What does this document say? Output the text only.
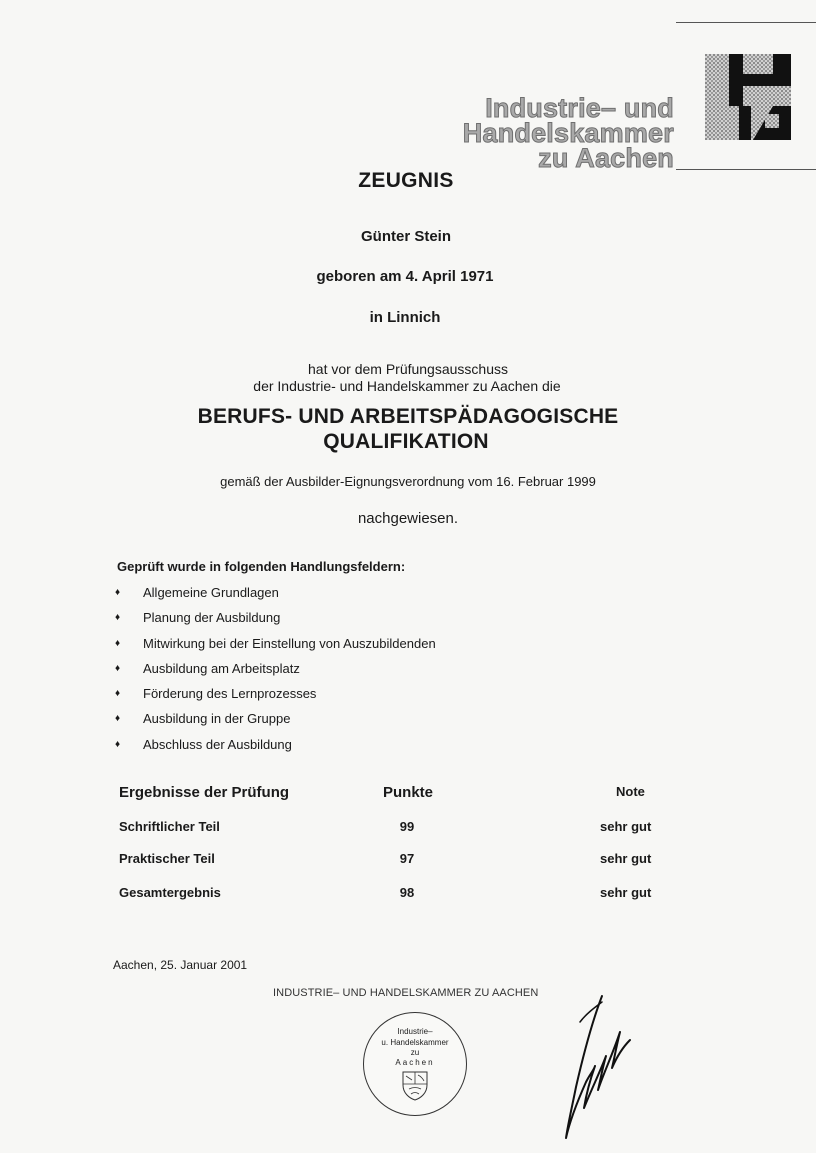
Industrie– und
Handelskammer
zu Aachen
ZEUGNIS
Günter Stein
geboren am 4. April 1971
in Linnich
hat vor dem Prüfungsausschuss
der Industrie- und Handelskammer zu Aachen die
BERUFS- UND ARBEITSPÄDAGOGISCHE
QUALIFIKATION
gemäß der Ausbilder-Eignungsverordnung vom 16. Februar 1999
nachgewiesen.
Geprüft wurde in folgenden Handlungsfeldern:
♦ Allgemeine Grundlagen
♦ Planung der Ausbildung
♦ Mitwirkung bei der Einstellung von Auszubildenden
♦ Ausbildung am Arbeitsplatz
♦ Förderung des Lernprozesses
♦ Ausbildung in der Gruppe
♦ Abschluss der Ausbildung
Ergebnisse der Prüfung	Punkte	Note
Schriftlicher Teil	99	sehr gut
Praktischer Teil	97	sehr gut
Gesamtergebnis	98	sehr gut
Aachen, 25. Januar 2001
INDUSTRIE– UND HANDELSKAMMER ZU AACHEN
Industrie–
u. Handelskammer
zu
Aachen
